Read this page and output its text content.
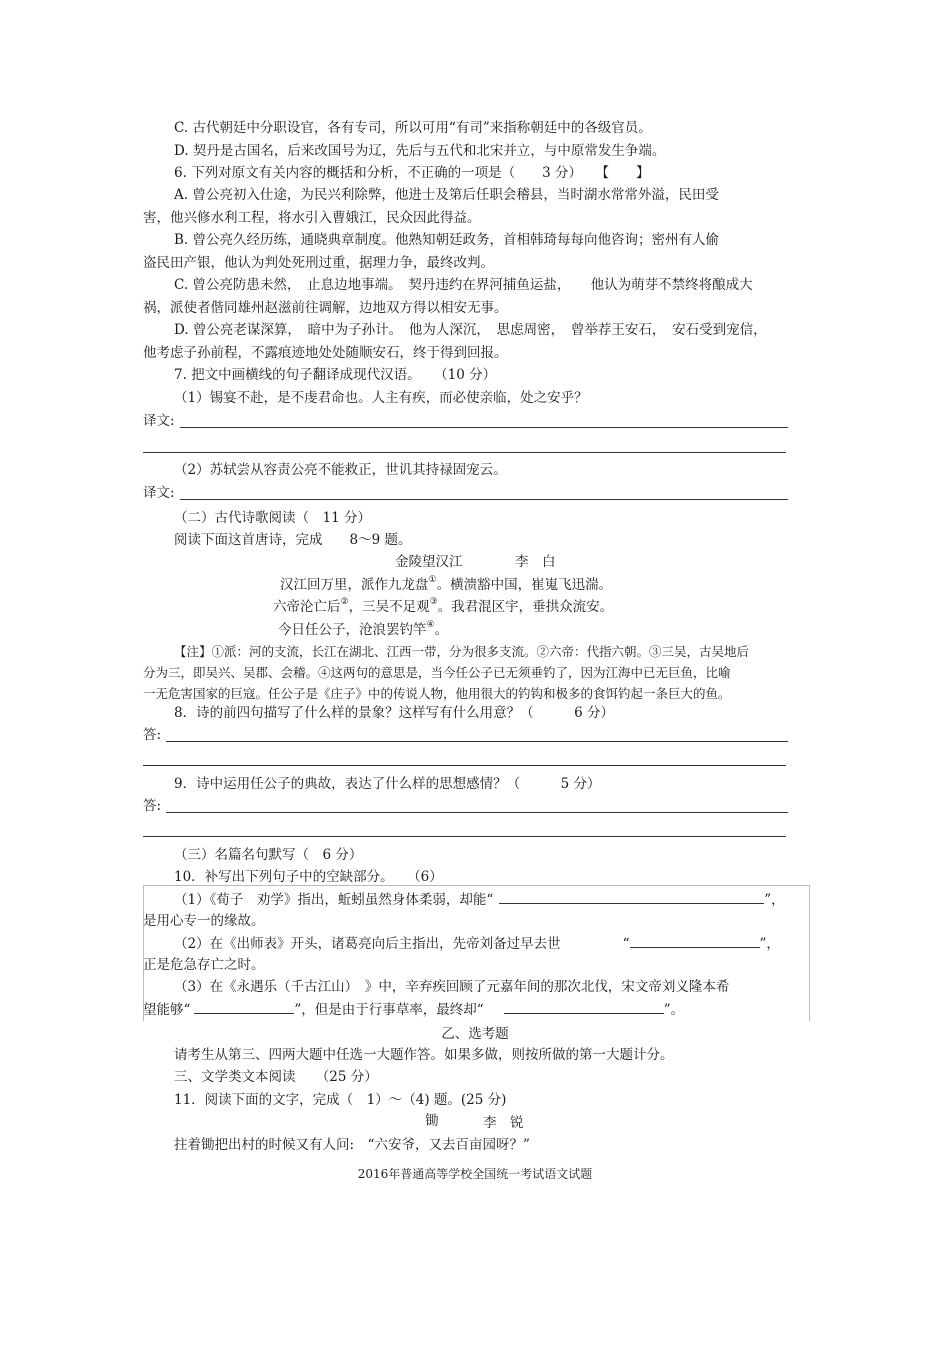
C. 古代朝廷中分职设官，各有专司，所以可用“有司”来指称朝廷中的各级官员。
D. 契丹是古国名，后来改国号为辽，先后与五代和北宋并立，与中原常发生争端。
6. 下列对原文有关内容的概括和分析，不正确的一项是（　　3 分）　　【　　】
A. 曾公亮初入仕途，为民兴利除弊，他进士及第后任职会稽县，当时湖水常常外溢，民田受
害，他兴修水利工程，将水引入曹娥江，民众因此得益。
B. 曾公亮久经历练，通晓典章制度。他熟知朝廷政务，首相韩琦每每向他咨询；密州有人偷
盗民田产银，他认为判处死刑过重，据理力争，最终改判。
C. 曾公亮防患未然，　止息边地事端。　契丹违约在界河捕鱼运盐，　　他认为萌芽不禁终将酿成大
祸，派使者偕同雄州赵滋前往调解，边地双方得以相安无事。
D. 曾公亮老谋深算，　暗中为子孙计。　他为人深沉，　思虑周密，　曾举荐王安石，　安石受到宠信，
他考虑子孙前程，不露痕迹地处处随顺安石，终于得到回报。
7. 把文中画横线的句子翻译成现代汉语。　　（10 分）
（1）锡宴不赴，是不虔君命也。人主有疾，而必使亲临，处之安乎？
译文:
（2）苏轼尝从容责公亮不能救正，世讥其持禄固宠云。
译文:
（二）古代诗歌阅读（　11 分）
阅读下面这首唐诗，完成　　8～9 题。
金陵望汉江	李　白
汉江回万里，派作九龙盘①。横溃豁中国，崔嵬飞迅湍。
六帝沦亡后②，三吴不足观③。我君混区宇，垂拱众流安。
今日任公子，沧浪罢钓竿④。
【注】①派：河的支流，长江在湖北、江西一带，分为很多支流。②六帝：代指六朝。③三吴，古吴地后
分为三，即吴兴、吴郡、会稽。④这两句的意思是，当今任公子已无须垂钓了，因为江海中已无巨鱼，比喻
一无危害国家的巨寇。任公子是《庄子》中的传说人物，他用很大的钓钩和极多的食饵钓起一条巨大的鱼。
8．诗的前四句描写了什么样的景象？这样写有什么用意？（　　　6 分）
答:
9．诗中运用任公子的典故，表达了什么样的思想感情？（　　　5 分）
答:
（三）名篇名句默写（　6 分）
10．补写出下列句子中的空缺部分。　　（6）
（1）《荀子　劝学》指出，蚯蚓虽然身体柔弱，却能“	”，
是用心专一的缘故。
（2）在《出师表》开头，诸葛亮向后主指出，先帝刘备过早去世	“	”，
正是危急存亡之时。
（3）在《永遇乐（千古江山）　》中，辛弃疾回顾了元嘉年间的那次北伐，宋文帝刘义隆本希
望能够“	”，但是由于行事草率，最终却“	”。
乙、选考题
请考生从第三、四两大题中任选一大题作答。如果多做，则按所做的第一大题计分。
三、文学类文本阅读　　（25 分）
11．阅读下面的文字，完成（　1）～（4) 题。(25 分)
锄	李　锐
拄着锄把出村的时候又有人问:　“六安爷，又去百亩园呀？”
2016年普通高等学校全国统一考试语文试题
